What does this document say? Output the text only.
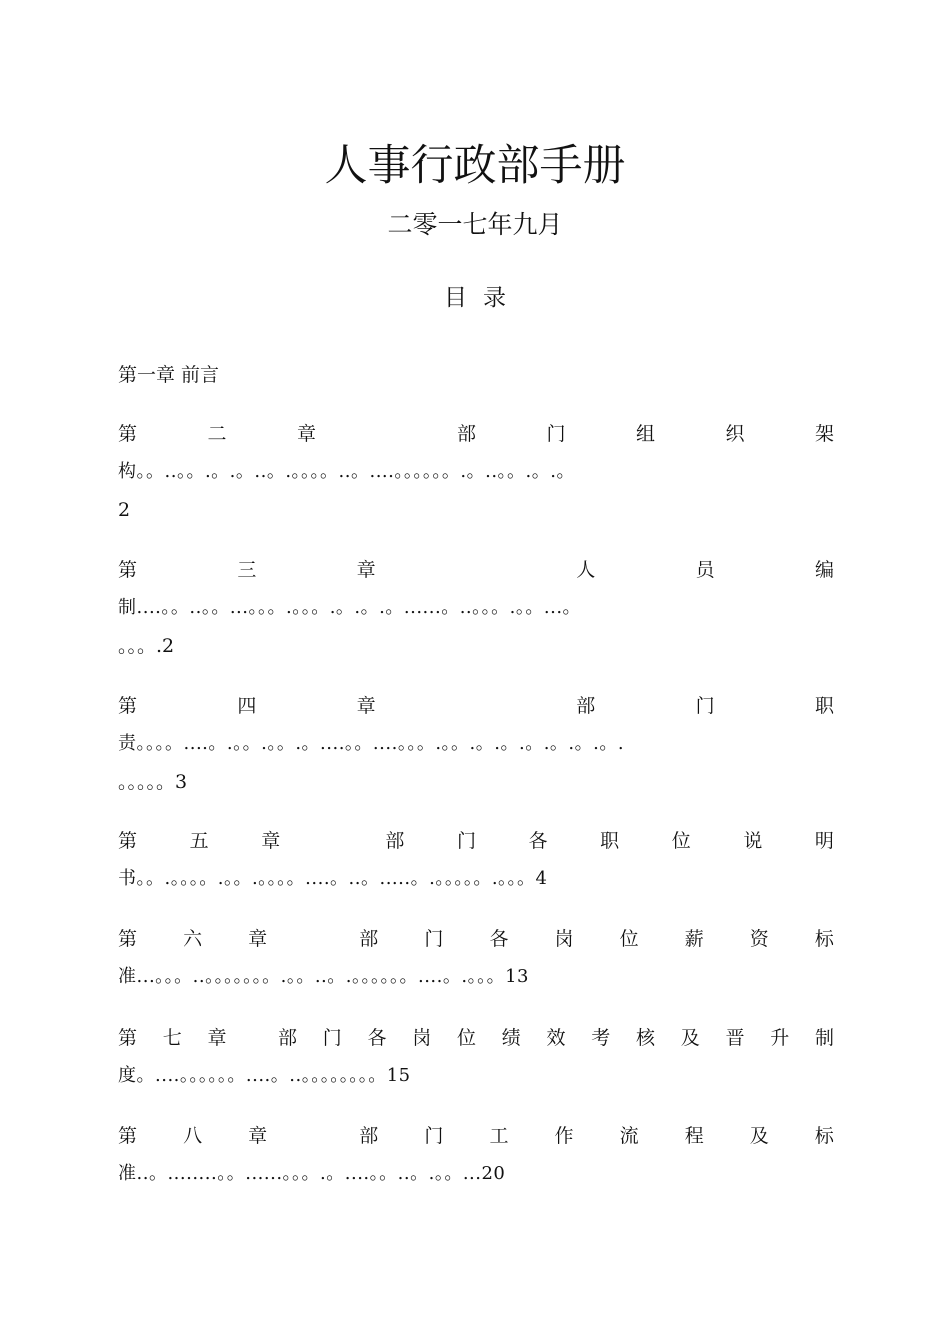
人事行政部手册
二零一七年九月
目 录
第一章 前言
第	二	章	部	门	组	织	架
构。。..。。.。.。..。.。。。。..。....。。。。。。.。..。。.。.。
2
第	三	章	人	员	编
制....。。..。。...。。。.。。。.。.。.。......。..。。。.。。...。
。。。.2
第	四	章	部	门	职
责。。。。....。.。。.。。.。....。。....。。。.。。.。.。.。.。.。.。.
。。。。。3
第	五	章	部	门	各	职	位	说	明
书。。.。。。。.。。.。。。。....。..。.....。.。。。。。.。。。4
第 六 章	部 门 各 岗 位 薪 资 标
准...。。。..。。。。。。。.。。..。.。。。。。。....。.。。。13
第 七 章	部 门 各 岗 位 绩 效 考 核 及 晋 升 制
度。....。。。。。。....。..。。。。。。。。15
第 八 章	部 门 工 作 流 程 及 标
准..。........。。......。。。.。....。。..。.。。...20
